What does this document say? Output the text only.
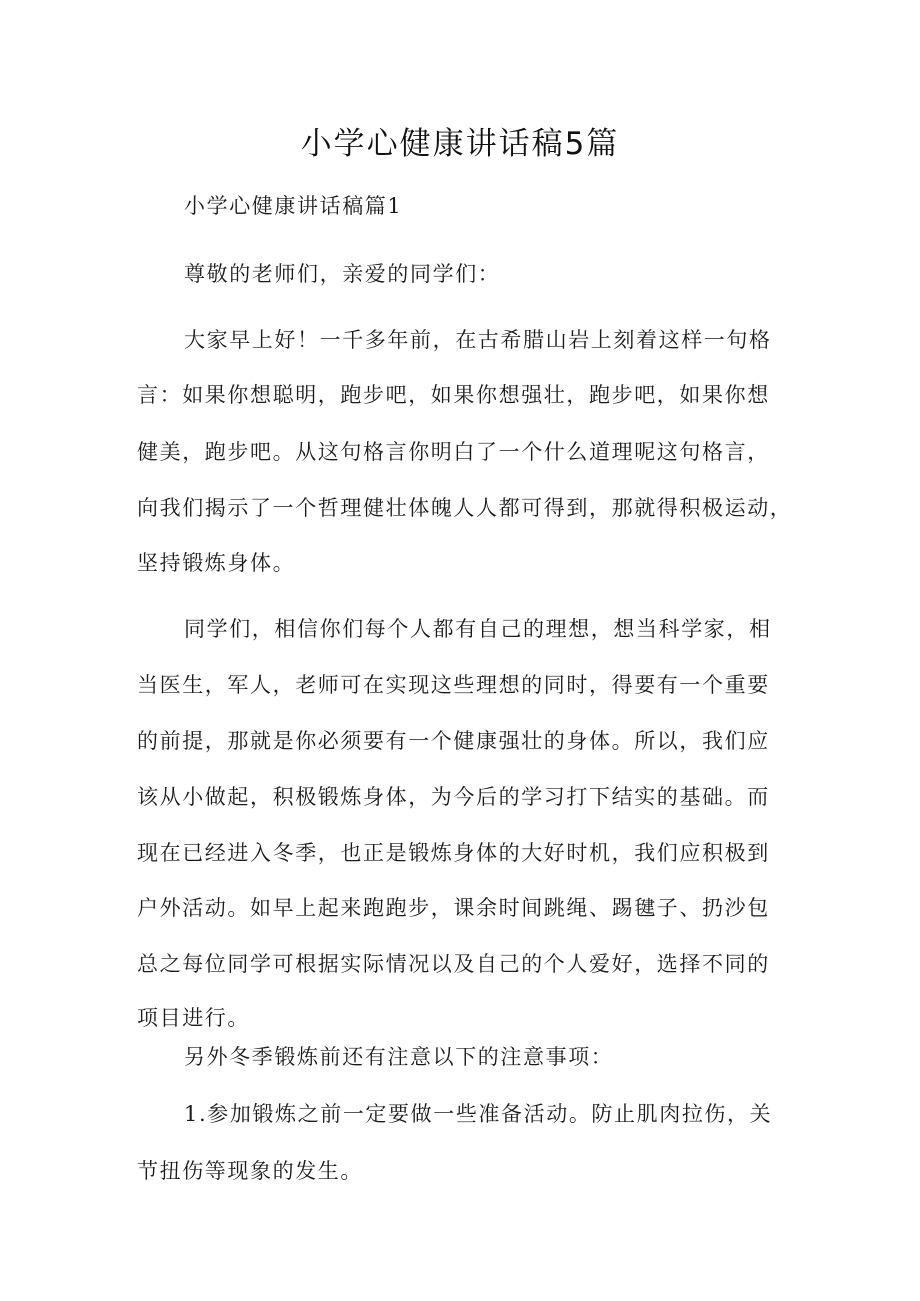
小学心健康讲话稿5篇
小学心健康讲话稿篇1
尊敬的老师们，亲爱的同学们：
大家早上好！一千多年前，在古希腊山岩上刻着这样一句格
言：如果你想聪明，跑步吧，如果你想强壮，跑步吧，如果你想
健美，跑步吧。从这句格言你明白了一个什么道理呢这句格言，
向我们揭示了一个哲理健壮体魄人人都可得到，那就得积极运动，
坚持锻炼身体。
同学们，相信你们每个人都有自己的理想，想当科学家，相
当医生，军人，老师可在实现这些理想的同时，得要有一个重要
的前提，那就是你必须要有一个健康强壮的身体。所以，我们应
该从小做起，积极锻炼身体，为今后的学习打下结实的基础。而
现在已经进入冬季，也正是锻炼身体的大好时机，我们应积极到
户外活动。如早上起来跑跑步，课余时间跳绳、踢毽子、扔沙包
总之每位同学可根据实际情况以及自己的个人爱好，选择不同的
项目进行。
另外冬季锻炼前还有注意以下的注意事项：
1.参加锻炼之前一定要做一些准备活动。防止肌肉拉伤，关
节扭伤等现象的发生。
